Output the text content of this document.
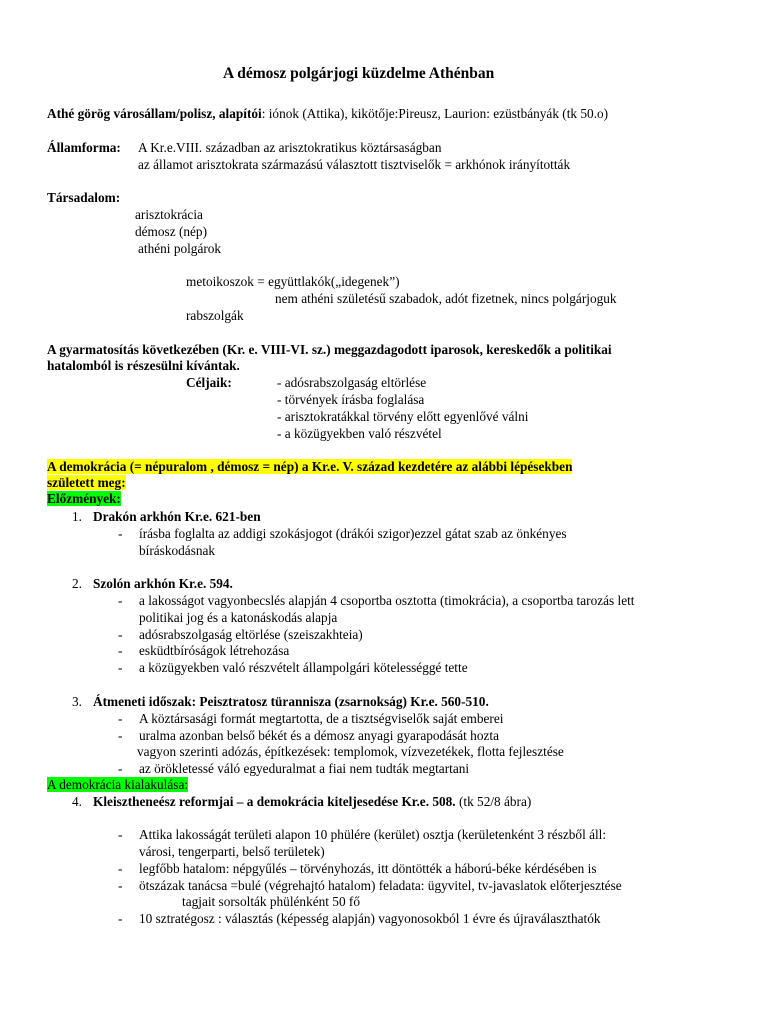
A démosz polgárjogi küzdelme Athénban
Athé görög városállam/polisz, alapítói: iónok (Attika), kikötője:Pireusz, Laurion: ezüstbányák (tk 50.o)
Államforma: A Kr.e.VIII. században az arisztokratikus köztársaságban
az államot arisztokrata származású választott tisztviselők = arkhónok irányították
Társadalom:
arisztokrácia
démosz (nép)
athéni polgárok
metoikoszok = együttlakók(„idegenek”)
nem athéni születésű szabadok, adót fizetnek, nincs polgárjoguk
rabszolgák
A gyarmatosítás következében (Kr. e. VIII-VI. sz.) meggazdagodott iparosok, kereskedők a politikai
hatalomból is részesülni kívántak.
Céljaik:	- adósrabszolgaság eltörlése
- törvények írásba foglalása
- arisztokratákkal törvény előtt egyenlővé válni
- a közügyekben való részvétel
A demokrácia (= népuralom , démosz = nép) a Kr.e. V. század kezdetére az alábbi lépésekben
született meg:
Előzmények:
1. Drakón arkhón Kr.e. 621-ben
- írásba foglalta az addigi szokásjogot (drákói szigor)ezzel gátat szab az önkényes
bíráskodásnak
2. Szolón arkhón Kr.e. 594.
- a lakosságot vagyonbecslés alapján 4 csoportba osztotta (timokrácia), a csoportba tarozás lett
politikai jog és a katonáskodás alapja
- adósrabszolgaság eltörlése (szeiszakhteia)
- esküdtbíróságok létrehozása
- a közügyekben való részvételt állampolgári kötelességgé tette
3. Átmeneti időszak: Peisztratosz türannisza (zsarnokság) Kr.e. 560-510.
- A köztársasági formát megtartotta, de a tisztségviselők saját emberei
- uralma azonban belső békét és a démosz anyagi gyarapodását hozta
vagyon szerinti adózás, építkezések: templomok, vízvezetékek, flotta fejlesztése
- az örökletessé váló egyeduralmat a fiai nem tudták megtartani
A demokrácia kialakulása:
4. Kleisztheneész reformjai – a demokrácia kiteljesedése Kr.e. 508. (tk 52/8 ábra)
- Attika lakosságát területi alapon 10 phülére (kerület) osztja (kerületenként 3 részből áll:
városi, tengerparti, belső területek)
- legfőbb hatalom: népgyűlés – törvényhozás, itt döntötték a háború-béke kérdésében is
- ötszázak tanácsa =bulé (végrehajtó hatalom) feladata: ügyvitel, tv-javaslatok előterjesztése
tagjait sorsolták phülénként 50 fő
- 10 sztratégosz : választás (képesség alapján) vagyonosokból 1 évre és újraválaszthatók
